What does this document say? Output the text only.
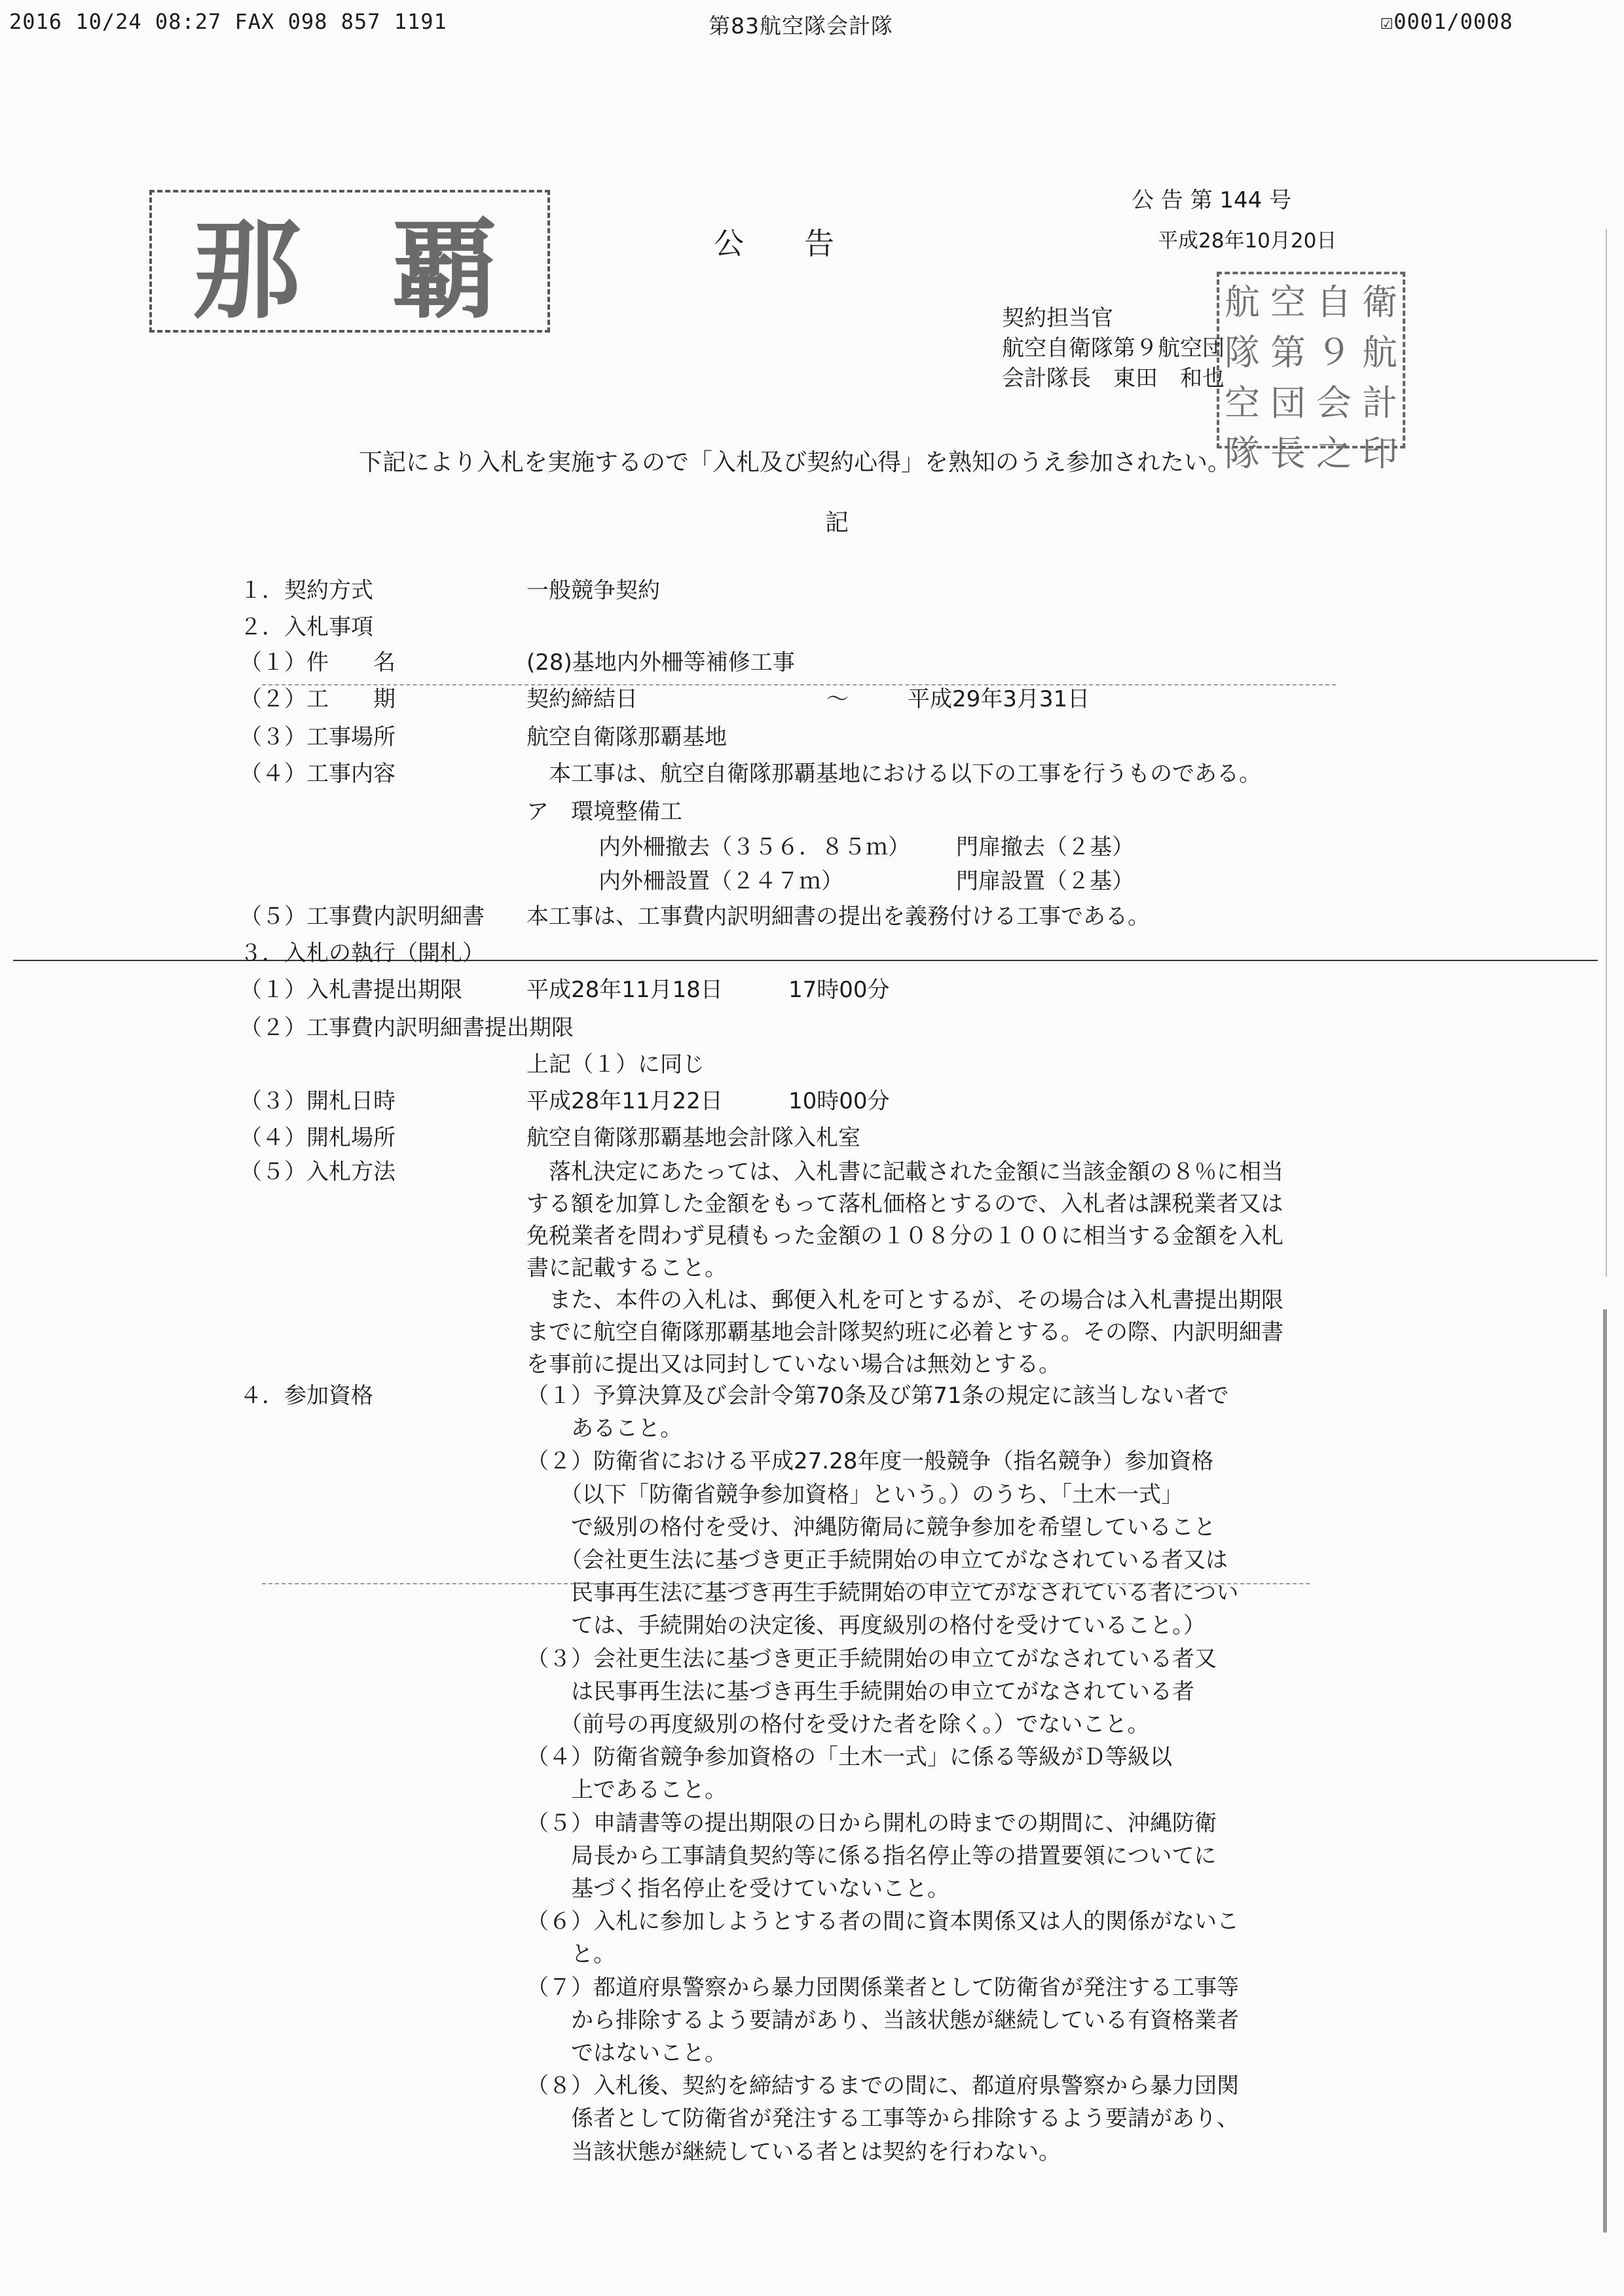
2016 10/24 08:27 FAX 098 857 1191	第83航空隊会計隊	☑0001/0008
那 覇	航 空 自 衛
隊 第 ９ 航
空 団 会 計
隊 長 之 印
公 告 第 144 号
平成28年10月20日
公　　告
契約担当官
航空自衛隊第９航空団
会計隊長　東田　和也
下記により入札を実施するので「入札及び契約心得」を熟知のうえ参加されたい。
記
１．契約方式	一般競争契約
２．入札事項
（１）件　　名	(28)基地内外柵等補修工事
（２）工　　期	契約締結日	～	平成29年3月31日
（３）工事場所	航空自衛隊那覇基地
（４）工事内容	本工事は、航空自衛隊那覇基地における以下の工事を行うものである。
ア　環境整備工
内外柵撤去（３５６．８５ｍ） 門扉撤去（２基）
内外柵設置（２４７ｍ）	門扉設置（２基）
（５）工事費内訳明細書 本工事は、工事費内訳明細書の提出を義務付ける工事である。
３．入札の執行（開札）
（１）入札書提出期限	平成28年11月18日	17時00分
（２）工事費内訳明細書提出期限
上記（１）に同じ
（３）開札日時	平成28年11月22日	10時00分
（４）開札場所	航空自衛隊那覇基地会計隊入札室
（５）入札方法	　落札決定にあたっては、入札書に記載された金額に当該金額の８％に相当
する額を加算した金額をもって落札価格とするので、入札者は課税業者又は
免税業者を問わず見積もった金額の１０８分の１００に相当する金額を入札
書に記載すること。
　また、本件の入札は、郵便入札を可とするが、その場合は入札書提出期限
までに航空自衛隊那覇基地会計隊契約班に必着とする。その際、内訳明細書
を事前に提出又は同封していない場合は無効とする。
４．参加資格	（１）予算決算及び会計令第70条及び第71条の規定に該当しない者で
　　あること。
（２）防衛省における平成27.28年度一般競争（指名競争）参加資格
　　（以下「防衛省競争参加資格」という。）のうち、「土木一式」
　　で級別の格付を受け、沖縄防衛局に競争参加を希望していること
　　（会社更生法に基づき更正手続開始の申立てがなされている者又は
　　民事再生法に基づき再生手続開始の申立てがなされている者につい
　　ては、手続開始の決定後、再度級別の格付を受けていること。）
（３）会社更生法に基づき更正手続開始の申立てがなされている者又
　　は民事再生法に基づき再生手続開始の申立てがなされている者
　　（前号の再度級別の格付を受けた者を除く。）でないこと。
（４）防衛省競争参加資格の「土木一式」に係る等級がＤ等級以
　　上であること。
（５）申請書等の提出期限の日から開札の時までの期間に、沖縄防衛
　　局長から工事請負契約等に係る指名停止等の措置要領についてに
　　基づく指名停止を受けていないこと。
（６）入札に参加しようとする者の間に資本関係又は人的関係がないこ
　　と。
（７）都道府県警察から暴力団関係業者として防衛省が発注する工事等
　　から排除するよう要請があり、当該状態が継続している有資格業者
　　ではないこと。
（８）入札後、契約を締結するまでの間に、都道府県警察から暴力団関
　　係者として防衛省が発注する工事等から排除するよう要請があり、
　　当該状態が継続している者とは契約を行わない。
